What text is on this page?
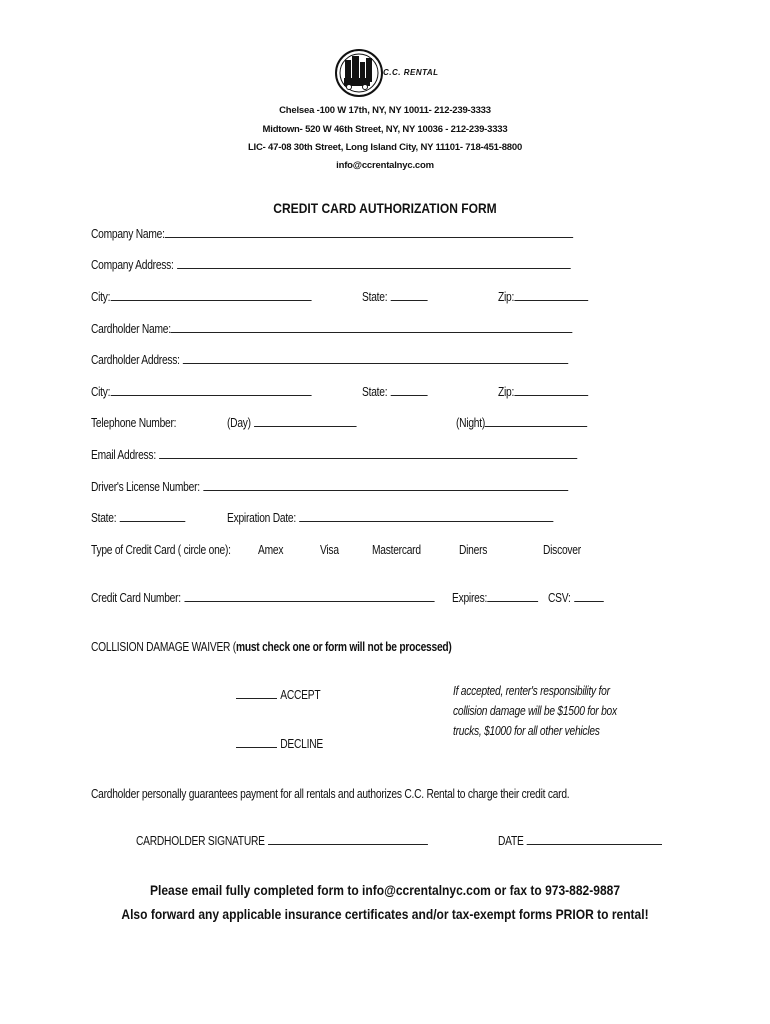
C.C. RENTAL
Chelsea -100 W 17th, NY, NY 10011- 212-239-3333
Midtown- 520 W 46th Street, NY, NY 10036 - 212-239-3333
LIC- 47-08 30th Street, Long Island City, NY 11101- 718-451-8800
info@ccrentalnyc.com
CREDIT CARD AUTHORIZATION FORM
Company Name:
Company Address:
City:	State:	Zip:
Cardholder Name:
Cardholder Address:
City:	State:	Zip:
Telephone Number:	(Day)	(Night)
Email Address:
Driver's License Number:
State:	Expiration Date:
Type of Credit Card ( circle one): Amex	Visa	Mastercard	Diners	Discover
Credit Card Number:	Expires:	CSV:
COLLISION DAMAGE WAIVER (must check one or form will not be processed)
ACCEPT
DECLINE
If accepted, renter's responsibility for
collision damage will be $1500 for box
trucks, $1000 for all other vehicles
Cardholder personally guarantees payment for all rentals and authorizes C.C. Rental to charge their credit card.
CARDHOLDER SIGNATURE	DATE
Please email fully completed form to info@ccrentalnyc.com or fax to 973-882-9887
Also forward any applicable insurance certificates and/or tax-exempt forms PRIOR to rental!
